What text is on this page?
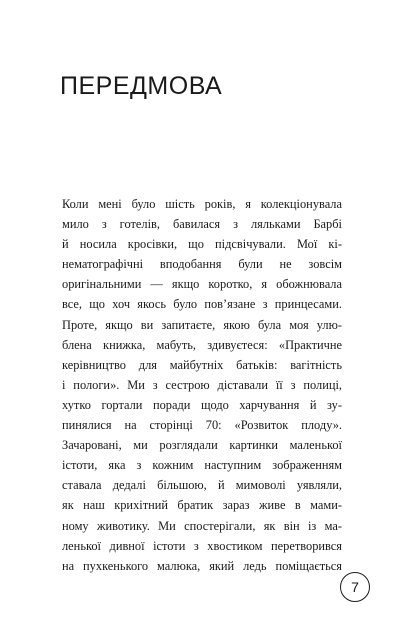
ПЕРЕДМОВА
Коли мені було шість років, я колекціонувала
мило з готелів, бавилася з ляльками Барбі
й носила кросівки, що підсвічували. Мої кі-
нематографічні вподобання були не зовсім
оригінальними — якщо коротко, я обожнювала
все, що хоч якось було пов’язане з принцесами.
Проте, якщо ви запитаєте, якою була моя улю-
блена книжка, мабуть, здивуєтеся: «Практичне
керівництво для майбутніх батьків: вагітність
і пологи». Ми з сестрою діставали її з полиці,
хутко гортали поради щодо харчування й зу-
пинялися на сторінці 70: «Розвиток плоду».
Зачаровані, ми розглядали картинки маленької
істоти, яка з кожним наступним зображенням
ставала дедалі більшою, й мимоволі уявляли,
як наш крихітний братик зараз живе в мами-
ному животику. Ми спостерігали, як він із ма-
ленької дивної істоти з хвостиком перетворився
на пухкенького малюка, який ледь поміщається
7
